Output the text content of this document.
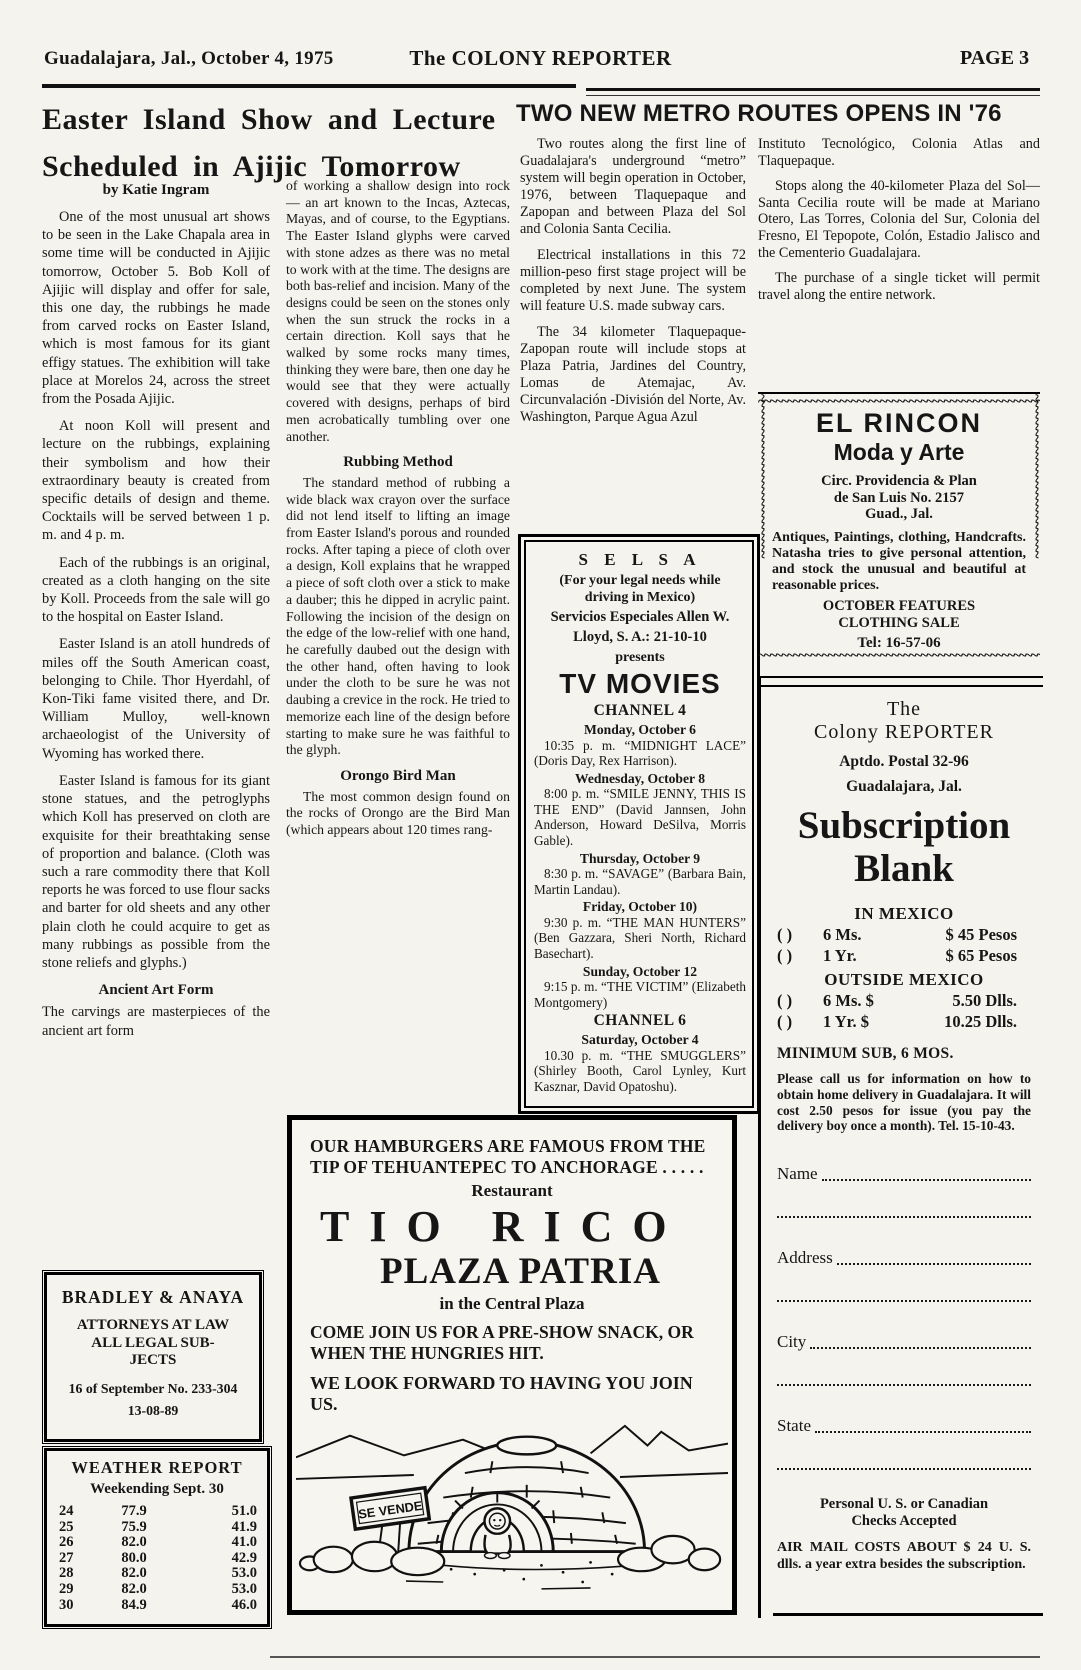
Guadalajara, Jal., October 4, 1975	The COLONY REPORTER	PAGE 3
Easter Island Show and Lecture
Scheduled in Ajijic Tomorrow
TWO NEW METRO ROUTES OPENS IN '76
by Katie Ingram

One of the most unusual art shows to be seen in the Lake Chapala area in some time will be conducted in Ajijic tomorrow, October 5. Bob Koll of Ajijic will display and offer for sale, this one day, the rubbings he made from carved rocks on Easter Island, which is most famous for its giant effigy statues. The exhibition will take place at Morelos 24, across the street from the Posada Ajijic.

At noon Koll will present and lecture on the rubbings, explaining their symbolism and how their extraordinary beauty is created from specific details of design and theme. Cocktails will be served between 1 p. m. and 4 p. m.

Each of the rubbings is an original, created as a cloth hanging on the site by Koll. Proceeds from the sale will go to the hospital on Easter Island.

Easter Island is an atoll hundreds of miles off the South American coast, belonging to Chile. Thor Hyerdahl, of Kon-Tiki fame visited there, and Dr. William Mulloy, well-known archaeologist of the University of Wyoming has worked there.

Easter Island is famous for its giant stone statues, and the petroglyphs which Koll has preserved on cloth are exquisite for their breathtaking sense of proportion and balance. (Cloth was such a rare commodity there that Koll reports he was forced to use flour sacks and barter for old sheets and any other plain cloth he could acquire to get as many rubbings as possible from the stone reliefs and glyphs.)

Ancient Art Form

The carvings are masterpieces of the ancient art form

of working a shallow design into rock — an art known to the Incas, Aztecas, Mayas, and of course, to the Egyptians. The Easter Island glyphs were carved with stone adzes as there was no metal to work with at the time. The designs are both bas-relief and incision. Many of the designs could be seen on the stones only when the sun struck the rocks in a certain direction. Koll says that he walked by some rocks many times, thinking they were bare, then one day he would see that they were actually covered with designs, perhaps of bird men acrobatically tumbling over one another.

Rubbing Method

The standard method of rubbing a wide black wax crayon over the surface did not lend itself to lifting an image from Easter Island's porous and rounded rocks. After taping a piece of cloth over a design, Koll explains that he wrapped a piece of soft cloth over a stick to make a dauber; this he dipped in acrylic paint. Following the incision of the design on the edge of the low-relief with one hand, he carefully daubed out the design with the other hand, often having to look under the cloth to be sure he was not daubing a crevice in the rock. He tried to memorize each line of the design before starting to make sure he was faithful to the glyph.

Orongo Bird Man

The most common design found on the rocks of Orongo are the Bird Man (which appears about 120 times rang-

Two routes along the first line of Guadalajara's underground “metro” system will begin operation in October, 1976, between Tlaquepaque and Zapopan and between Plaza del Sol and Colonia Santa Cecilia.

Electrical installations in this 72 million-peso first stage project will be completed by next June. The system will feature U.S. made subway cars.

The 34 kilometer Tlaquepaque-Zapopan route will include stops at Plaza Patria, Jardines del Country, Lomas de Atemajac, Av. Circunvalación -División del Norte, Av. Washington, Parque Agua Azul

Instituto Tecnológico, Colonia Atlas and Tlaquepaque.

Stops along the 40-kilometer Plaza del Sol—Santa Cecilia route will be made at Mariano Otero, Las Torres, Colonia del Sur, Colonia del Fresno, El Tepopote, Colón, Estadio Jalisco and the Cementerio Guadalajara.

The purchase of a single ticket will permit travel along the entire network.

S E L S A
(For your legal needs while
driving in Mexico)
Servicios Especiales Allen W.
Lloyd, S. A.: 21-10-10
presents
TV MOVIES
CHANNEL 4
Monday, October 6
10:35 p. m. “MIDNIGHT LACE” (Doris Day, Rex Harrison).
Wednesday, October 8
8:00 p. m. “SMILE JENNY, THIS IS THE END” (David Jannsen, John Anderson, Howard DeSilva, Morris Gable).
Thursday, October 9
8:30 p. m. “SAVAGE” (Barbara Bain, Martin Landau).
Friday, October 10)
9:30 p. m. “THE MAN HUNTERS” (Ben Gazzara, Sheri North, Richard Basechart).
Sunday, October 12
9:15 p. m. “THE VICTIM” (Elizabeth Montgomery)
CHANNEL 6
Saturday, October 4
10.30 p. m. “THE SMUGGLERS” (Shirley Booth, Carol Lynley, Kurt Kasznar, David Opatoshu).
~~~~~
~~~~~
~~~~~
~~~~~
EL RINCON
Moda y Arte
Circ. Providencia & Plan
de San Luis No. 2157
Guad., Jal.
Antiques, Paintings, clothing, Handcrafts. Natasha tries to give personal attention, and stock the unusual and beautiful at reasonable prices.
OCTOBER FEATURES
CLOTHING SALE
Tel: 16-57-06
The
Colony REPORTER
Aptdo. Postal 32-96
Guadalajara, Jal.
Subscription
Blank
IN MEXICO
( )	6 Ms.	$ 45 Pesos
( )	1 Yr.	$ 65 Pesos
OUTSIDE MEXICO
( )	6 Ms. $	5.50 Dlls.
( )	1 Yr. $	10.25 Dlls.
MINIMUM SUB, 6 MOS.
Please call us for information on how to obtain home delivery in Guadalajara. It will cost 2.50 pesos for issue (you pay the delivery boy once a month). Tel. 15-10-43.
Name
Address
City
State
Personal U. S. or Canadian
Checks Accepted
AIR MAIL COSTS ABOUT $ 24 U. S. dlls. a year extra besides the subscription.
BRADLEY & ANAYA
ATTORNEYS AT LAW
ALL LEGAL SUB-
JECTS
16 of September No. 233-304
13-08-89
WEATHER REPORT
Weekending Sept. 30
24	77.9	51.0
25	75.9	41.9
26	82.0	41.0
27	80.0	42.9
28	82.0	53.0
29	82.0	53.0
30	84.9	46.0
OUR HAMBURGERS ARE FAMOUS FROM THE TIP OF TEHUANTEPEC TO ANCHORAGE . . . . .
Restaurant
TIO RICO
PLAZA PATRIA
in the Central Plaza
COME JOIN US FOR A PRE-SHOW SNACK, OR WHEN THE HUNGRIES HIT.
WE LOOK FORWARD TO HAVING YOU JOIN US.
SE VENDE
